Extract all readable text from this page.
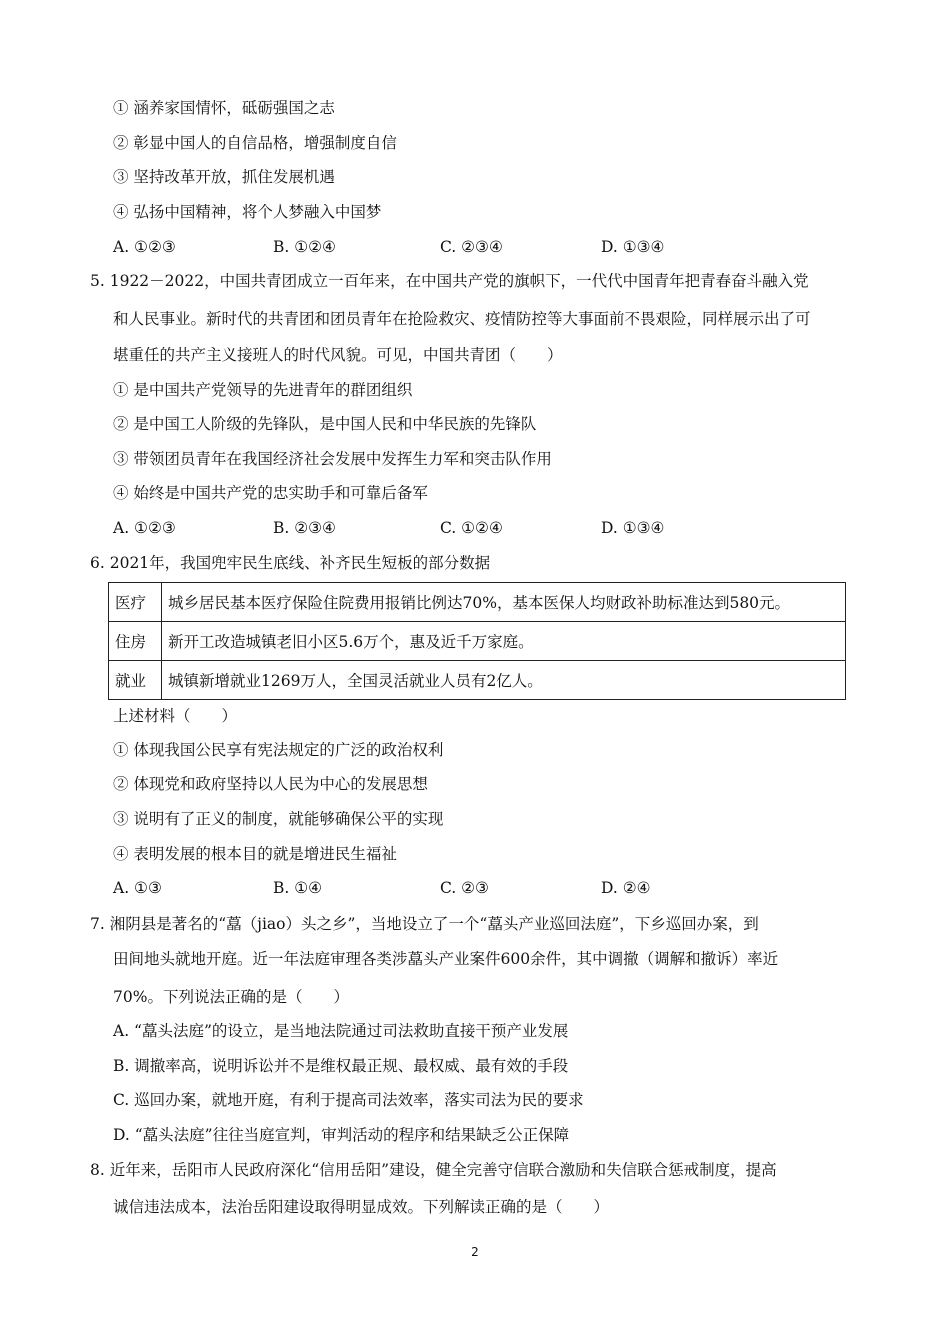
① 涵养家国情怀，砥砺强国之志
② 彰显中国人的自信品格，增强制度自信
③ 坚持改革开放，抓住发展机遇
④ 弘扬中国精神，将个人梦融入中国梦
A. ①②③	B. ①②④	C. ②③④	D. ①③④
5. 1922－2022，中国共青团成立一百年来，在中国共产党的旗帜下，一代代中国青年把青春奋斗融入党
和人民事业。新时代的共青团和团员青年在抢险救灾、疫情防控等大事面前不畏艰险，同样展示出了可
堪重任的共产主义接班人的时代风貌。可见，中国共青团（　　）
① 是中国共产党领导的先进青年的群团组织
② 是中国工人阶级的先锋队，是中国人民和中华民族的先锋队
③ 带领团员青年在我国经济社会发展中发挥生力军和突击队作用
④ 始终是中国共产党的忠实助手和可靠后备军
A. ①②③	B. ②③④	C. ①②④	D. ①③④
6. 2021年，我国兜牢民生底线、补齐民生短板的部分数据
医疗	城乡居民基本医疗保险住院费用报销比例达70%，基本医保人均财政补助标准达到580元。
住房	新开工改造城镇老旧小区5.6万个，惠及近千万家庭。
就业	城镇新增就业1269万人，全国灵活就业人员有2亿人。
上述材料（　　）
① 体现我国公民享有宪法规定的广泛的政治权利
② 体现党和政府坚持以人民为中心的发展思想
③ 说明有了正义的制度，就能够确保公平的实现
④ 表明发展的根本目的就是增进民生福祉
A. ①③	B. ①④	C. ②③	D. ②④
7. 湘阴县是著名的“藠（jiao）头之乡”，当地设立了一个“藠头产业巡回法庭”，下乡巡回办案，到
田间地头就地开庭。近一年法庭审理各类涉藠头产业案件600余件，其中调撤（调解和撤诉）率近
70%。下列说法正确的是（　　）
A. “藠头法庭”的设立，是当地法院通过司法救助直接干预产业发展
B. 调撤率高，说明诉讼并不是维权最正规、最权威、最有效的手段
C. 巡回办案，就地开庭，有利于提高司法效率，落实司法为民的要求
D. “藠头法庭”往往当庭宣判，审判活动的程序和结果缺乏公正保障
8. 近年来，岳阳市人民政府深化“信用岳阳”建设，健全完善守信联合激励和失信联合惩戒制度，提高
诚信违法成本，法治岳阳建设取得明显成效。下列解读正确的是（　　）
2
